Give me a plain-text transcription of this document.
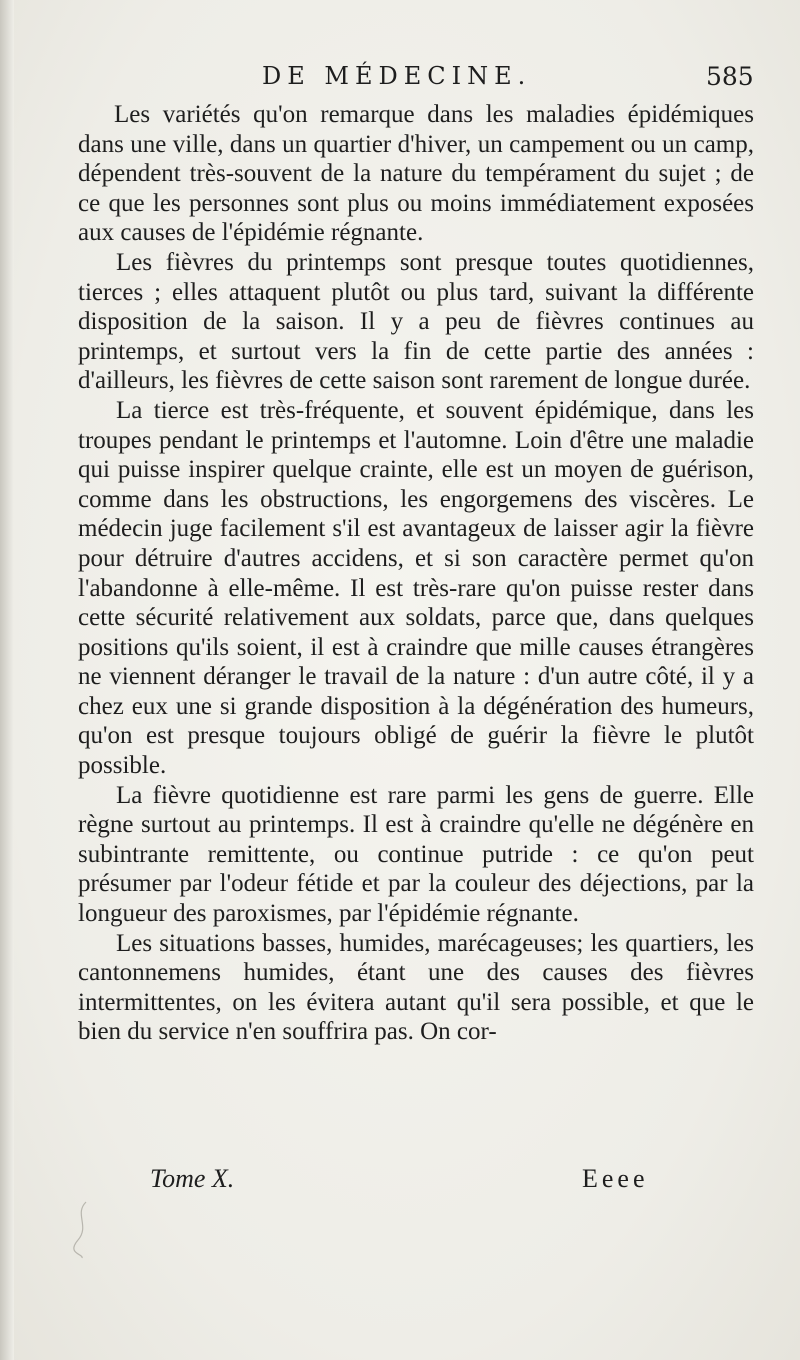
DE MÉDECINE.	585

Les variétés qu'on remarque dans les maladies épidémiques dans une ville, dans un quartier d'hiver, un campement ou un camp, dépendent très-souvent de la nature du tempérament du sujet ; de ce que les personnes sont plus ou moins immédiatement exposées aux causes de l'épidémie régnante.

Les fièvres du printemps sont presque toutes quotidiennes, tierces ; elles attaquent plutôt ou plus tard, suivant la différente disposition de la saison. Il y a peu de fièvres continues au printemps, et surtout vers la fin de cette partie des années : d'ailleurs, les fièvres de cette saison sont rarement de longue durée.

La tierce est très-fréquente, et souvent épidémique, dans les troupes pendant le printemps et l'automne. Loin d'être une maladie qui puisse inspirer quelque crainte, elle est un moyen de guérison, comme dans les obstructions, les engorgemens des viscères. Le médecin juge facilement s'il est avantageux de laisser agir la fièvre pour détruire d'autres accidens, et si son caractère permet qu'on l'abandonne à elle-même. Il est très-rare qu'on puisse rester dans cette sécurité relativement aux soldats, parce que, dans quelques positions qu'ils soient, il est à craindre que mille causes étrangères ne viennent déranger le travail de la nature : d'un autre côté, il y a chez eux une si grande disposition à la dégénération des humeurs, qu'on est presque toujours obligé de guérir la fièvre le plutôt possible.

La fièvre quotidienne est rare parmi les gens de guerre. Elle règne surtout au printemps. Il est à craindre qu'elle ne dégénère en subintrante remittente, ou continue putride : ce qu'on peut présumer par l'odeur fétide et par la couleur des déjections, par la longueur des paroxismes, par l'épidémie régnante.

Les situations basses, humides, marécageuses; les quartiers, les cantonnemens humides, étant une des causes des fièvres intermittentes, on les évitera autant qu'il sera possible, et que le bien du service n'en souffrira pas. On cor-

Tome X.	Eeee
